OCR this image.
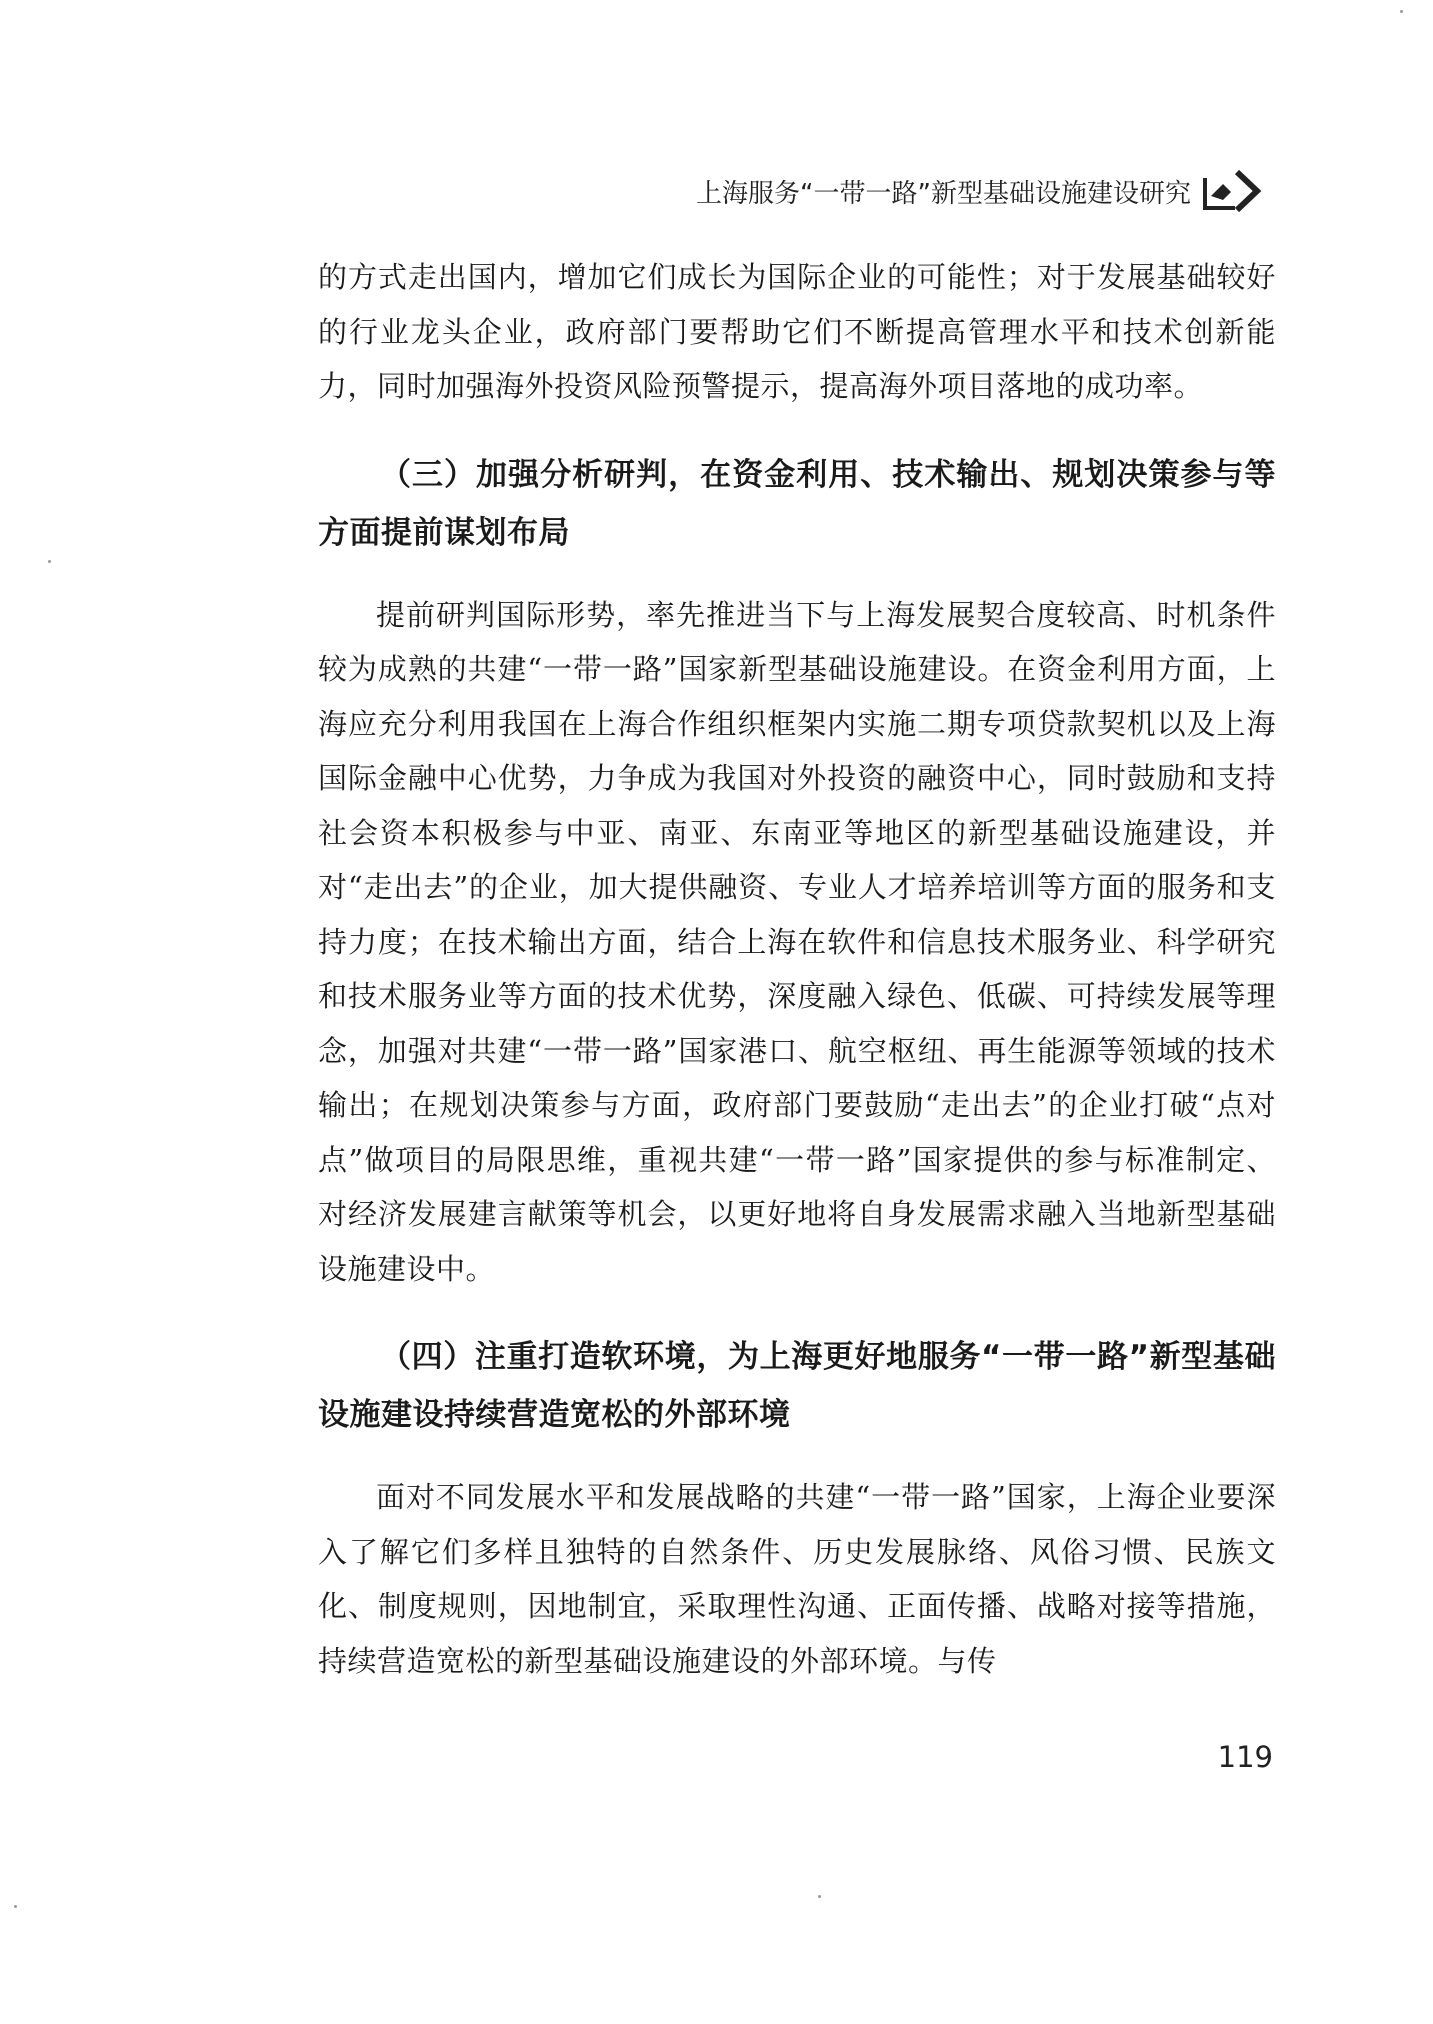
上海服务“一带一路”新型基础设施建设研究

的方式走出国内，增加它们成长为国际企业的可能性；对于发展基础较好的行业龙头企业，政府部门要帮助它们不断提高管理水平和技术创新能力，同时加强海外投资风险预警提示，提高海外项目落地的成功率。

（三）加强分析研判，在资金利用、技术输出、规划决策参与等方面提前谋划布局

提前研判国际形势，率先推进当下与上海发展契合度较高、时机条件较为成熟的共建“一带一路”国家新型基础设施建设。在资金利用方面，上海应充分利用我国在上海合作组织框架内实施二期专项贷款契机以及上海国际金融中心优势，力争成为我国对外投资的融资中心，同时鼓励和支持社会资本积极参与中亚、南亚、东南亚等地区的新型基础设施建设，并对“走出去”的企业，加大提供融资、专业人才培养培训等方面的服务和支持力度；在技术输出方面，结合上海在软件和信息技术服务业、科学研究和技术服务业等方面的技术优势，深度融入绿色、低碳、可持续发展等理念，加强对共建“一带一路”国家港口、航空枢纽、再生能源等领域的技术输出；在规划决策参与方面，政府部门要鼓励“走出去”的企业打破“点对点”做项目的局限思维，重视共建“一带一路”国家提供的参与标准制定、对经济发展建言献策等机会，以更好地将自身发展需求融入当地新型基础设施建设中。

（四）注重打造软环境，为上海更好地服务“一带一路”新型基础设施建设持续营造宽松的外部环境

面对不同发展水平和发展战略的共建“一带一路”国家，上海企业要深入了解它们多样且独特的自然条件、历史发展脉络、风俗习惯、民族文化、制度规则，因地制宜，采取理性沟通、正面传播、战略对接等措施，持续营造宽松的新型基础设施建设的外部环境。与传

119
